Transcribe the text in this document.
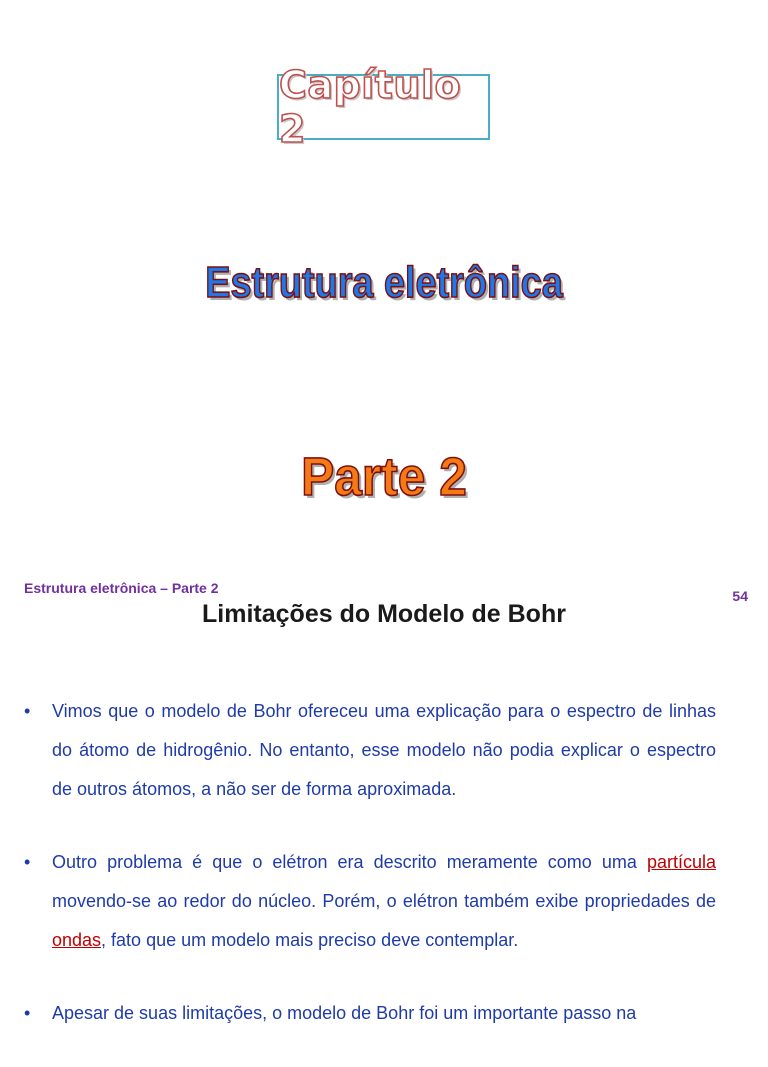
Capítulo 2
Estrutura eletrônica
Parte 2
Estrutura eletrônica – Parte 2	54
Limitações do Modelo de Bohr
• Vimos que o modelo de Bohr ofereceu uma explicação para o espectro de linhas do átomo de hidrogênio. No entanto, esse modelo não podia explicar o espectro de outros átomos, a não ser de forma aproximada.
• Outro problema é que o elétron era descrito meramente como uma partícula movendo-se ao redor do núcleo. Porém, o elétron também exibe propriedades de ondas, fato que um modelo mais preciso deve contemplar.
• Apesar de suas limitações, o modelo de Bohr foi um importante passo na
